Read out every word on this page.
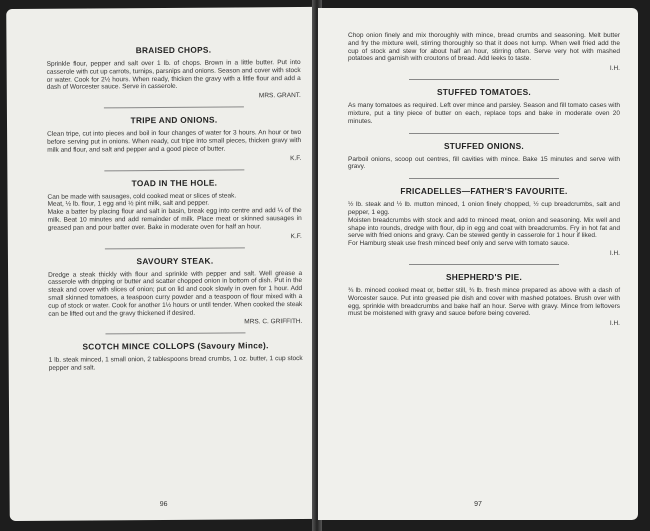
BRAISED CHOPS.

Sprinkle flour, pepper and salt over 1 lb. of chops. Brown in a little butter. Put into casserole with cut up carrots, turnips, parsnips and onions. Season and cover with stock or water. Cook for 2½ hours. When ready, thicken the gravy with a little flour and add a dash of Worcester sauce. Serve in casserole.

MRS. GRANT.

TRIPE AND ONIONS.

Clean tripe, cut into pieces and boil in four changes of water for 3 hours. An hour or two before serving put in onions. When ready, cut tripe into small pieces, thicken gravy with milk and flour, and salt and pepper and a good piece of butter.

K.F.

TOAD IN THE HOLE.

Can be made with sausages, cold cooked meat or slices of steak.
Meat, ½ lb. flour, 1 egg and ½ pint milk, salt and pepper.
Make a batter by placing flour and salt in basin, break egg into centre and add ¼ of the milk. Beat 10 minutes and add remainder of milk. Place meat or skinned sausages in greased pan and pour batter over. Bake in moderate oven for half an hour.

K.F.

SAVOURY STEAK.

Dredge a steak thickly with flour and sprinkle with pepper and salt. Well grease a casserole with dripping or butter and scatter chopped onion in bottom of dish. Put in the steak and cover with slices of onion; put on lid and cook slowly in oven for 1 hour. Add small skinned tomatoes, a teaspoon curry powder and a teaspoon of flour mixed with a cup of stock or water. Cook for another 1½ hours or until tender. When cooked the steak can be lifted out and the gravy thickened if desired.

MRS. C. GRIFFITH.

SCOTCH MINCE COLLOPS (Savoury Mince).

1 lb. steak minced, 1 small onion, 2 tablespoons bread crumbs, 1 oz. butter, 1 cup stock pepper and salt.

96

Chop onion finely and mix thoroughly with mince, bread crumbs and seasoning. Melt butter and fry the mixture well, stirring thoroughly so that it does not lump. When well fried add the cup of stock and stew for about half an hour, stirring often. Serve very hot with mashed potatoes and garnish with croutons of bread. Add leeks to taste.

I.H.

STUFFED TOMATOES.

As many tomatoes as required. Left over mince and parsley. Season and fill tomato cases with mixture, put a tiny piece of butter on each, replace tops and bake in moderate oven 20 minutes.

STUFFED ONIONS.

Parboil onions, scoop out centres, fill cavities with mince. Bake 15 minutes and serve with gravy.

FRICADELLES—FATHER'S FAVOURITE.

½ lb. steak and ½ lb. mutton minced, 1 onion finely chopped, ½ cup breadcrumbs, salt and pepper, 1 egg.
Moisten breadcrumbs with stock and add to minced meat, onion and seasoning. Mix well and shape into rounds, dredge with flour, dip in egg and coat with breadcrumbs. Fry in hot fat and serve with fried onions and gravy. Can be stewed gently in casserole for 1 hour if liked.
For Hamburg steak use fresh minced beef only and serve with tomato sauce.

I.H.

SHEPHERD'S PIE.

¾ lb. minced cooked meat or, better still, ¾ lb. fresh mince prepared as above with a dash of Worcester sauce. Put into greased pie dish and cover with mashed potatoes. Brush over with egg, sprinkle with breadcrumbs and bake half an hour. Serve with gravy. Mince from leftovers must be moistened with gravy and sauce before being covered.

I.H.

97
